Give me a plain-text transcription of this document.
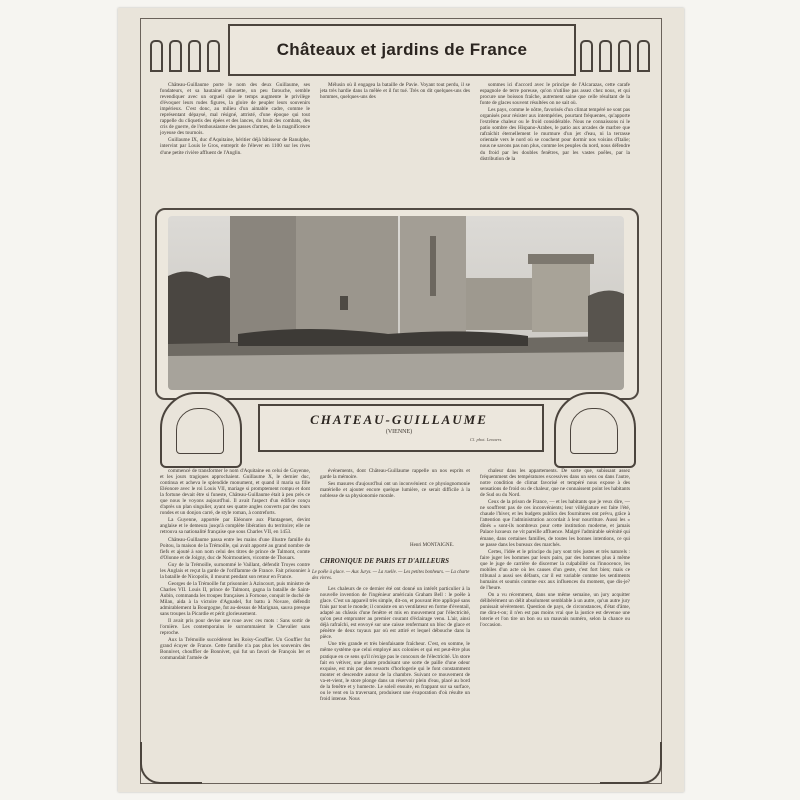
Châteaux et jardins de France

Château-Guillaume porte le nom des deux Guillaume, ses fondateurs, et sa hautaine silhouette, un peu farouche, semble revendiquer avec un orgueil que le temps augmente le privilège d'évoquer leurs rudes figures, la gloire de peupler leurs souvenirs impérieux. C'est donc, au milieu d'un aimable cadre, comme le représentant dépaysé, mal résigné, attristé, d'une époque qui tout rappelle du cliquetis des épées et des lances, du bruit des combats, des cris de guerre, de l'enthousiasme des passes d'armes, de la magnificence joyeuse des tournois.

Guillaume IX, duc d'Aquitaine, héritier déjà bâtisseur de Ranulphe, intervint par Louis le Gros, entreprit de l'élever en 1100 sur les rives d'une petite rivière affluent de l'Anglin.

Mélusin où il engagea la bataille de Pavie. Voyant tout perdu, il se jeta très hardie dans la mêlée et il fut tué. Très on dit quelques-uns des hommes, quelques-uns des

sommes ici d'accord avec le principe de l'Alcarazas, cette carafe espagnole de terre poreuse, qu'on n'utilise pas assez chez nous, et qui procure une boisson fraîche, autrement saine que celle résultant de la fonte de glaces souvent résultées on ne sait où.

Les pays, comme le nôtre, favorisés d'un climat tempéré ne sont pas organisés pour résister aux intempéries, pourtant fréquentes, qu'apporte l'extrême chaleur ou le froid considérable. Nous ne connaissons ni le patio sombre des Hispano-Arabes, le patio aux arcades de marbre que rafraîchit éternellement le murmure d'un jet d'eau, ni la terrasse orientale vers le nord où se couchent pour dormir nos voisins d'Italie; nous ne savons pas non plus, comme les peuples du nord, nous défendre du froid par les doubles fenêtres, par les vastes poêles, par la distribution de la

CHATEAU-GUILLAUME
(VIENNE)
Cl. phot. Lenaers.

commencé de transformer le nom d'Aquitaine en celui de Guyenne, et les jours tragiques approchaient. Guillaume X, le dernier duc, continua et acheva le splendide monument, et quand il maria sa fille Eléonore avec le roi Louis VII, mariage si promptement rompu et dont la fortune devait être si funeste, Château-Guillaume était à peu près ce que nous le voyons aujourd'hui. Il avait l'aspect d'un édifice conçu d'après un plan singulier, ayant ses quatre angles couverts par des tours rondes et un donjon carré, de style roman, à contreforts.

La Guyenne, apportée par Eléonore aux Plantagenet, devint anglaise et le demeura jusqu'à complète libération du territoire; elle ne retrouva sa nationalité française que sous Charles VII, en 1453.

Château-Guillaume passa entre les mains d'une illustre famille du Poitou, la maison de la Trémoille, qui avait apporté au grand nombre de fiefs et ajouté à son nom celui des titres de prince de Talmont, comte d'Olonne et de Joigny, duc de Noirmoutiers, vicomte de Thouars.

Guy de la Trémoille, surnommé le Vaillant, défendit Troyes contre les Anglais et reçut la garde de l'oriflamme de France. Fait prisonnier à la bataille de Nicopolis, il mourut pendant son retour en France.

Georges de la Trémoille fut prisonnier à Azincourt, puis ministre de Charles VII. Louis II, prince de Talmont, gagna la bataille de Saint-Aubin, commanda les troupes françaises à Fornoue, conquit le duché de Milan, aida à la victoire d'Agnadel, fut battu à Novare, défendit admirablement la Bourgogne, fut au-dessus de Marignan, sauva presque sans troupes la Picardie et périt glorieusement.

Il avait pris pour devise une roue avec ces mots : Sans sortir de l'ornière. Les contemporains le surnommaient le Chevalier sans reproche.

Aux la Trémoille succédèrent les Roisy-Gouffier. Un Gouffier fut grand écuyer de France. Cette famille n'a pas plus les souvenirs des Bonnivet, chouffier de Bonnivet, qui fut un favori de François Ier et commandait l'armée de

événements, dont Château-Guillaume rappelle un nos esprits et garde la mémoire.

Ses masures d'aujourd'hui ont un inconvénient: ce physiognomonie matérielle et ajouter encore quelque lumière, ce serait difficile à la noblesse de sa physionomie morale.

Henri MONTAIGNE.
CHRONIQUE DE PARIS ET D'AILLEURS
Le poêle à glace. — Aux Jurys. — La ruelle. — Les petites bonheurs. — La charte des vivres.

Les chaleurs de ce dernier été ont donné un intérêt particulier à la nouvelle invention de l'ingénieur américain Graham Bell : le poêle à glace. C'est un appareil très simple, dit-on, et pouvant être appliqué sans frais par tout le monde; il consiste en un ventilateur en forme d'éventail, adapté au châssis d'une fenêtre et mis en mouvement par l'électricité, qu'on peut emprunter au premier courant d'éclairage venu. L'air, ainsi déjà rafraîchi, est envoyé sur une caisse renfermant un bloc de glace et pénètre de deux tuyaux par où est attiré et lequel débouche dans la pièce.

Une très grande et très bienfaisante fraîcheur. C'est, en somme, le même système que celui employé aux colonies et qui est peut-être plus pratique en ce sens qu'il n'exige pas le concours de l'électricité. Un store fait en vétiver, une plante produisant une sorte de paille d'une odeur exquise, est mis par des ressorts d'horlogerie qui le font constamment monter et descendre autour de la chambre. Suivant ce mouvement de va-et-vient, le store plonge dans un réservoir plein d'eau, placé au bord de la fenêtre et y humecte. Le soleil ensuite, en frappant sur sa surface, ou le vent en la traversant, produisent une évaporation d'où résulte un froid intense. Nous

chaleur dans les appartements. De sorte que, subissant assez fréquemment des températures excessives dans un sens ou dans l'autre, notre condition de climat favorisé et tempéré nous expose à des sensations de froid ou de chaleur, que ne connaissent point les habitants de Sud ou du Nord.

Ceux de la prison de France, — et les habitants que je veux dire, — ne souffrent pas de ces inconvénients; leur villégiature est faite l'été, chaude l'hiver, et les budgets publics des fournitures ont prévu, grâce à l'attention que l'administration accordait à leur nourriture. Aussi les « dînés » sont-ils nombreux pour cette institution moderne, et jamais Palace luxueux ne vit pareille affluence. Malgré l'admirable sérénité qui émane, dans certaines familles, de toutes les bonnes intentions, ce qui se passe dans les bureaux des marchés.

Certes, l'idée et le principe du jury sont très justes et très naturels : faire juger les hommes par leurs pairs, par des hommes plus à même que le juge de carrière de discerner la culpabilité ou l'innocence, les mobiles d'un acte où les causes d'un geste, c'est fort bien; mais ce tribunal a aussi ses défauts, car il est variable comme les sentiments humains et soumis comme eux aux influences du moment, que dis-je? de l'heure.

On a vu récemment, dans une même semaine, un jury acquitter délibérément un délit absolument semblable à un autre, qu'un autre jury punissait sévèrement. Question de pays, de circonstances, d'état d'âme, me dira-t-on; il n'en est pas moins vrai que la justice est devenue une loterie et l'on tire un bon ou un mauvais numéro, selon la chance ou l'occasion.
